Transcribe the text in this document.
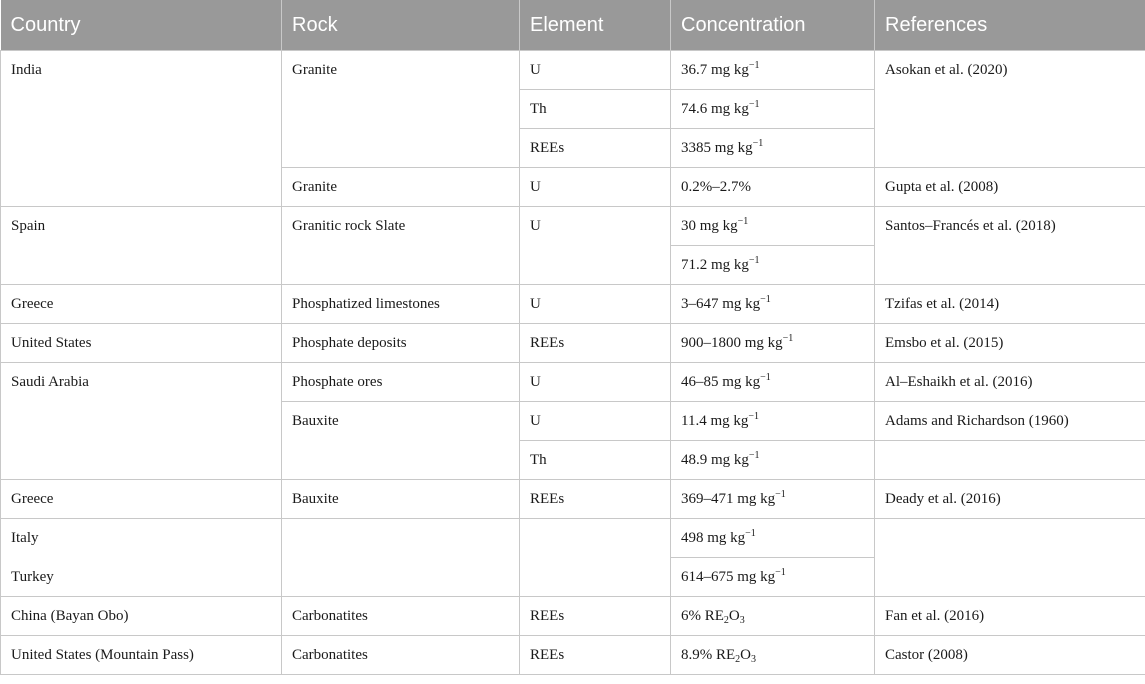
Country	Rock	Element	Concentration	References
India	Granite	U	36.7 mg $kg^{-1}$	Asokan et al. (2020)
		Th	74.6 mg $kg^{-1}$
		REEs	3385 mg $kg^{-1}$
	Granite	U	0.2%–2.7%	Gupta et al. (2008)
Spain	Granitic rock Slate	U	30 mg $kg^{-1}$	Santos–Francés et al. (2018)
			71.2 mg $kg^{-1}$
Greece	Phosphatized limestones	U	3–647 mg $kg^{-1}$	Tzifas et al. (2014)
United States	Phosphate deposits	REEs	900–1800 mg $kg^{-1}$	Emsbo et al. (2015)
Saudi Arabia	Phosphate ores	U	46–85 mg $kg^{-1}$	Al–Eshaikh et al. (2016)
	Bauxite	U	11.4 mg $kg^{-1}$	Adams and Richardson (1960)
		Th	48.9 mg $kg^{-1}$	
Greece	Bauxite	REEs	369–471 mg $kg^{-1}$	Deady et al. (2016)
Italy			498 mg $kg^{-1}$	
Turkey			614–675 mg $kg^{-1}$
China (Bayan Obo)	Carbonatites	REEs	6% $RE_2O_3$	Fan et al. (2016)
United States (Mountain Pass)	Carbonatites	REEs	8.9% $RE_2O_3$	Castor (2008)
